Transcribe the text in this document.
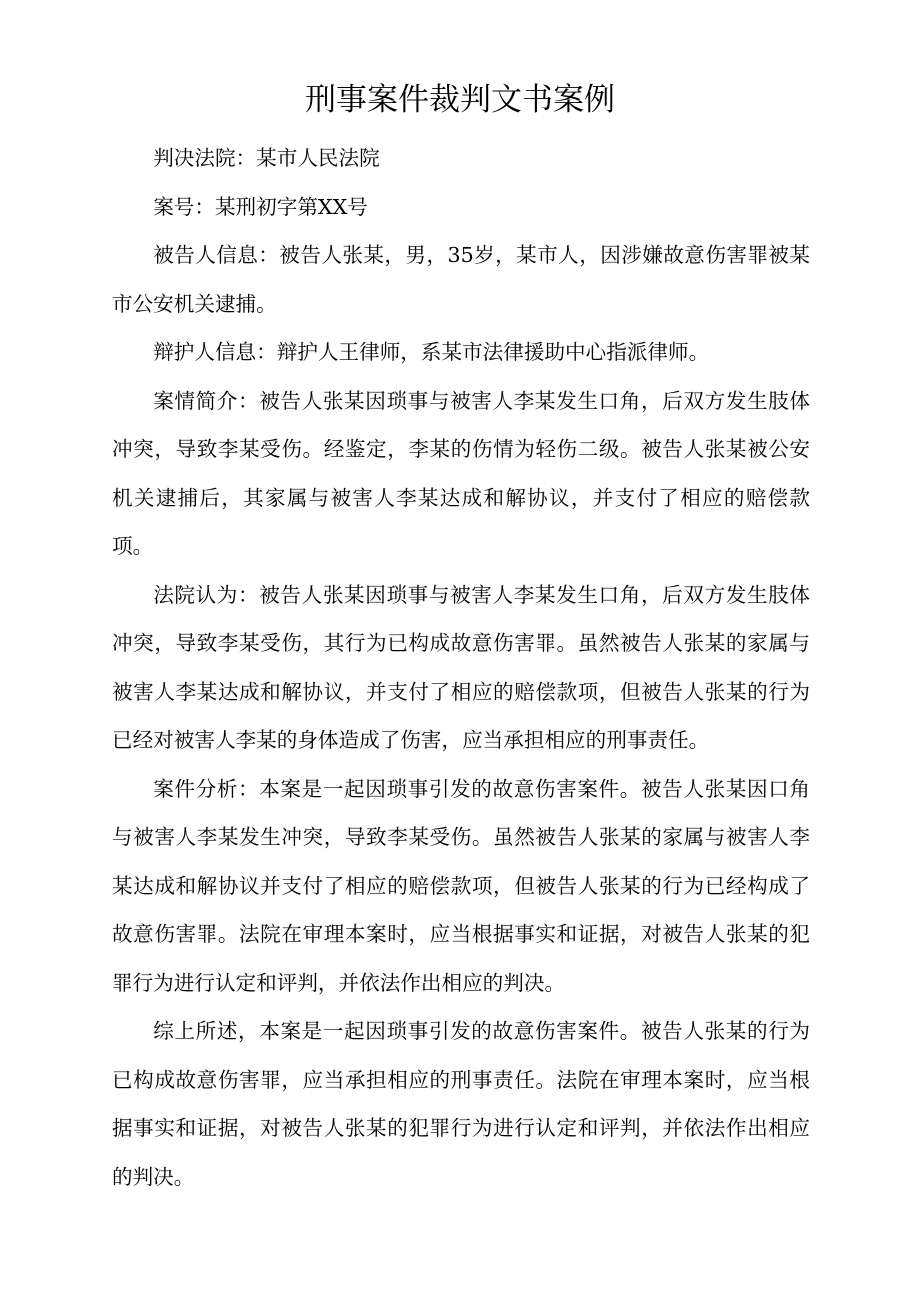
刑事案件裁判文书案例

判决法院：某市人民法院

案号：某刑初字第XX号

被告人信息：被告人张某，男，35岁，某市人，因涉嫌故意伤害罪被某市公安机关逮捕。

辩护人信息：辩护人王律师，系某市法律援助中心指派律师。

案情简介：被告人张某因琐事与被害人李某发生口角，后双方发生肢体冲突，导致李某受伤。经鉴定，李某的伤情为轻伤二级。被告人张某被公安机关逮捕后，其家属与被害人李某达成和解协议，并支付了相应的赔偿款项。

法院认为：被告人张某因琐事与被害人李某发生口角，后双方发生肢体冲突，导致李某受伤，其行为已构成故意伤害罪。虽然被告人张某的家属与被害人李某达成和解协议，并支付了相应的赔偿款项，但被告人张某的行为已经对被害人李某的身体造成了伤害，应当承担相应的刑事责任。

案件分析：本案是一起因琐事引发的故意伤害案件。被告人张某因口角与被害人李某发生冲突，导致李某受伤。虽然被告人张某的家属与被害人李某达成和解协议并支付了相应的赔偿款项，但被告人张某的行为已经构成了故意伤害罪。法院在审理本案时，应当根据事实和证据，对被告人张某的犯罪行为进行认定和评判，并依法作出相应的判决。

综上所述，本案是一起因琐事引发的故意伤害案件。被告人张某的行为已构成故意伤害罪，应当承担相应的刑事责任。法院在审理本案时，应当根据事实和证据，对被告人张某的犯罪行为进行认定和评判，并依法作出相应的判决。
